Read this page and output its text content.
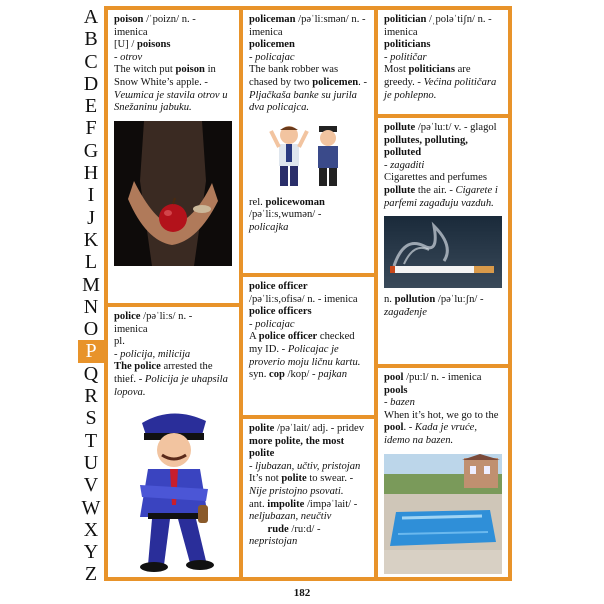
A
B
C
D
E
F
G
H
I
J
K
L
M
N
O
P
Q
R
S
T
U
V
W
X
Y
Z
poison /ˈpoizn/ n. -
imenica
[U] / poisons
- otrov
The witch put poison in Snow White’s apple. - Vештica je stavila otrov u Snežaninu jabuku.
police /pəˈliːs/ n. -
imenica
pl.
- policija, milicija
The police arrested the thief. - Policija je uhapsila lopova.
policeman /pəˈliːsmən/ n. - imenica
policemen
- policajac
The bank robber was chased by two policemen. - Pljačkaša banke su jurila dva policajca.
rel. policewoman
/pəˈliːs,wumən/ -
policajka
police officer
/pəˈliːs,ofisə/ n. - imenica
police officers
- policajac
A police officer checked my ID. - Policajac je proverio moju ličnu kartu.
syn. cop /kop/ - pajkan
polite /pəˈlait/ adj. - pridev
more polite, the most polite
- ljubazan, učtiv, pristojan
It’s not polite to swear. - Nije pristojno psovati.
ant. impolite /impəˈlait/ - neljubazan, neučtiv
rude /ruːd/ - nepristojan
politician /ˌpoləˈtiʃn/ n. - imenica
politicians
- političar
Most politicians are greedy. - Većina političara je pohlepno.
pollute /pəˈluːt/ v. - glagol
pollutes, polluting, polluted
- zagaditi
Cigarettes and perfumes pollute the air. - Cigarete i parfemi zagađuju vazduh.
n. pollution /pəˈluːʃn/ - zagađenje
pool /puːl/ n. - imenica
pools
- bazen
When it’s hot, we go to the pool. - Kada je vruće, idemo na bazen.
182
